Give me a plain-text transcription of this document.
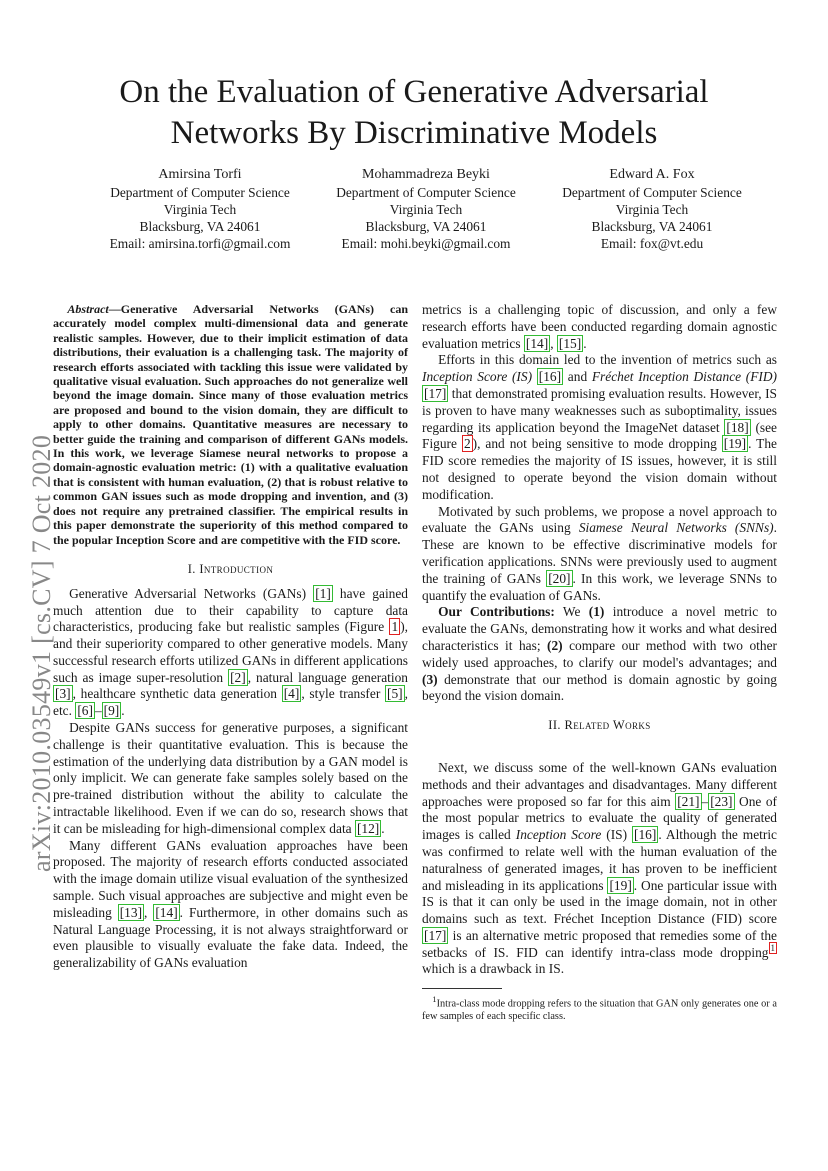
arXiv:2010.03549v1 [cs.CV] 7 Oct 2020
On the Evaluation of Generative Adversarial
Networks By Discriminative Models
Amirsina Torfi
Department of Computer Science
Virginia Tech
Blacksburg, VA 24061
Email: amirsina.torfi@gmail.com
Mohammadreza Beyki
Department of Computer Science
Virginia Tech
Blacksburg, VA 24061
Email: mohi.beyki@gmail.com
Edward A. Fox
Department of Computer Science
Virginia Tech
Blacksburg, VA 24061
Email: fox@vt.edu

Abstract—Generative Adversarial Networks (GANs) can accurately model complex multi-dimensional data and generate realistic samples. However, due to their implicit estimation of data distributions, their evaluation is a challenging task. The majority of research efforts associated with tackling this issue were validated by qualitative visual evaluation. Such approaches do not generalize well beyond the image domain. Since many of those evaluation metrics are proposed and bound to the vision domain, they are difficult to apply to other domains. Quantitative measures are necessary to better guide the training and comparison of different GANs models. In this work, we leverage Siamese neural networks to propose a domain-agnostic evaluation metric: (1) with a qualitative evaluation that is consistent with human evaluation, (2) that is robust relative to common GAN issues such as mode dropping and invention, and (3) does not require any pretrained classifier. The empirical results in this paper demonstrate the superiority of this method compared to the popular Inception Score and are competitive with the FID score.

I. Introduction

Generative Adversarial Networks (GANs) [1] have gained much attention due to their capability to capture data characteristics, producing fake but realistic samples (Figure 1 ), and their superiority compared to other generative models. Many successful research efforts utilized GANs in different applications such as image super-resolution [2] , natural language generation [3] , healthcare synthetic data generation [4] , style transfer [5] , etc. [6] – [9] .

Despite GANs success for generative purposes, a significant challenge is their quantitative evaluation. This is because the estimation of the underlying data distribution by a GAN model is only implicit. We can generate fake samples solely based on the pre-trained distribution without the ability to calculate the intractable likelihood. Even if we can do so, research shows that it can be misleading for high-dimensional complex data [12] .

Many different GANs evaluation approaches have been proposed. The majority of research efforts conducted associated with the image domain utilize visual evaluation of the synthesized sample. Such visual approaches are subjective and might even be misleading [13] , [14] . Furthermore, in other domains such as Natural Language Processing, it is not always straightforward or even plausible to visually evaluate the fake data. Indeed, the generalizability of GANs evaluation

metrics is a challenging topic of discussion, and only a few research efforts have been conducted regarding domain agnostic evaluation metrics [14] , [15] .

Efforts in this domain led to the invention of metrics such as Inception Score (IS) [16] and Fréchet Inception Distance (FID) [17] that demonstrated promising evaluation results. However, IS is proven to have many weaknesses such as suboptimality, issues regarding its application beyond the ImageNet dataset [18] (see Figure 2 ), and not being sensitive to mode dropping [19] . The FID score remedies the majority of IS issues, however, it is still not designed to operate beyond the vision domain without modification.

Motivated by such problems, we propose a novel approach to evaluate the GANs using Siamese Neural Networks (SNNs). These are known to be effective discriminative models for verification applications. SNNs were previously used to augment the training of GANs [20] . In this work, we leverage SNNs to quantify the evaluation of GANs.

Our Contributions: We (1) introduce a novel metric to evaluate the GANs, demonstrating how it works and what desired characteristics it has; (2) compare our method with two other widely used approaches, to clarify our model's advantages; and (3) demonstrate that our method is domain agnostic by going beyond the vision domain.

II. Related Works

Next, we discuss some of the well-known GANs evaluation methods and their advantages and disadvantages. Many different approaches were proposed so far for this aim [21] – [23] One of the most popular metrics to evaluate the quality of generated images is called Inception Score (IS) [16] . Although the metric was confirmed to relate well with the human evaluation of the naturalness of generated images, it has proven to be inefficient and misleading in its applications [19] . One particular issue with IS is that it can only be used in the image domain, not in other domains such as text. Fréchet Inception Distance (FID) score [17] is an alternative metric proposed that remedies some of the setbacks of IS. FID can identify intra-class mode dropping $^1$ which is a drawback in IS.

$^1$Intra-class mode dropping refers to the situation that GAN only generates one or a few samples of each specific class.
